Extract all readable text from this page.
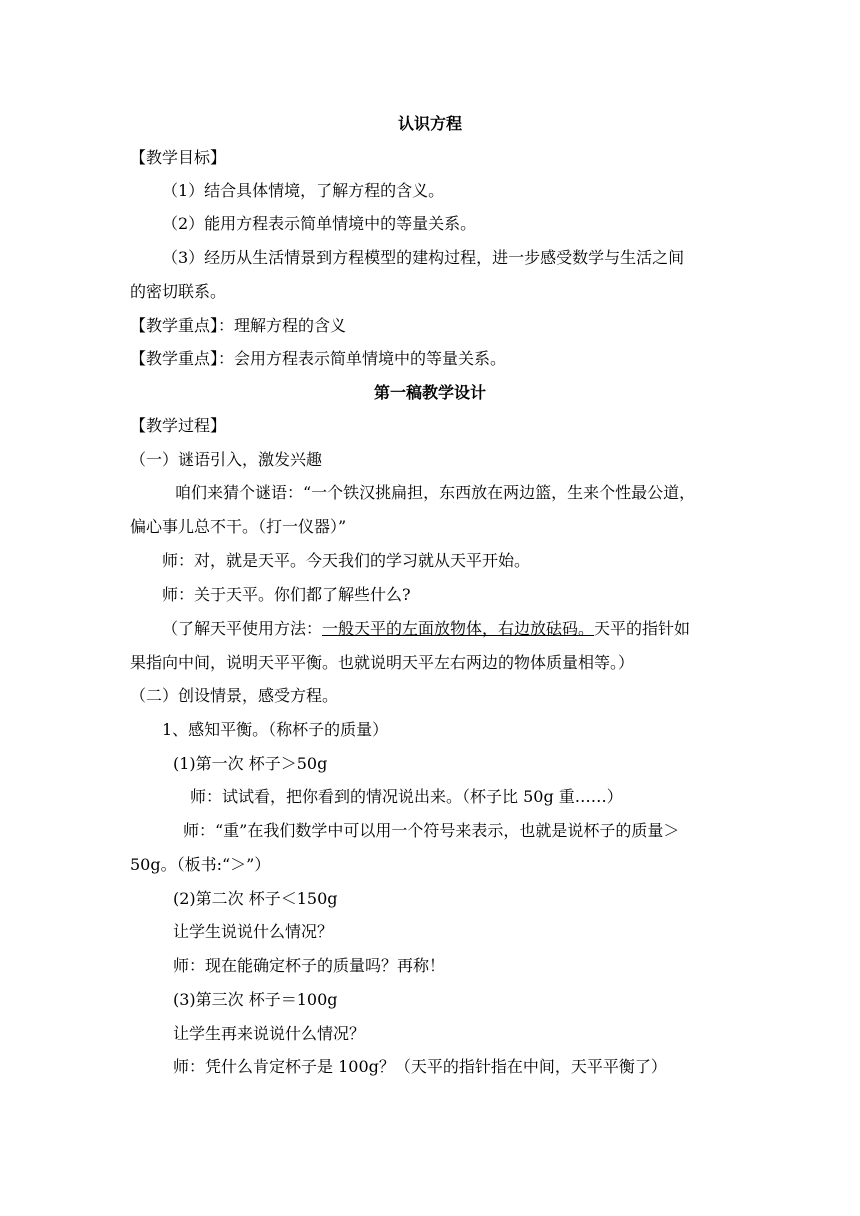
认识方程
【教学目标】
（1）结合具体情境，了解方程的含义。
（2）能用方程表示简单情境中的等量关系。
（3）经历从生活情景到方程模型的建构过程，进一步感受数学与生活之间
的密切联系。
【教学重点】：理解方程的含义
【教学重点】：会用方程表示简单情境中的等量关系。
第一稿教学设计
【教学过程】
（一）谜语引入，激发兴趣
咱们来猜个谜语：“一个铁汉挑扁担，东西放在两边篮，生来个性最公道，
偏心事儿总不干。（打一仪器）”
师：对，就是天平。今天我们的学习就从天平开始。
师：关于天平。你们都了解些什么?
（了解天平使用方法：一般天平的左面放物体，右边放砝码。天平的指针如
果指向中间，说明天平平衡。也就说明天平左右两边的物体质量相等。）
（二）创设情景，感受方程。
1、感知平衡。（称杯子的质量）
(1)第一次 杯子＞50g
师：试试看，把你看到的情况说出来。（杯子比 50g 重……）
师：“重”在我们数学中可以用一个符号来表示，也就是说杯子的质量＞
50g。（板书:“＞”）
(2)第二次 杯子＜150g
让学生说说什么情况？
师：现在能确定杯子的质量吗？再称！
(3)第三次 杯子＝100g
让学生再来说说什么情况？
师：凭什么肯定杯子是 100g？（天平的指针指在中间，天平平衡了）
